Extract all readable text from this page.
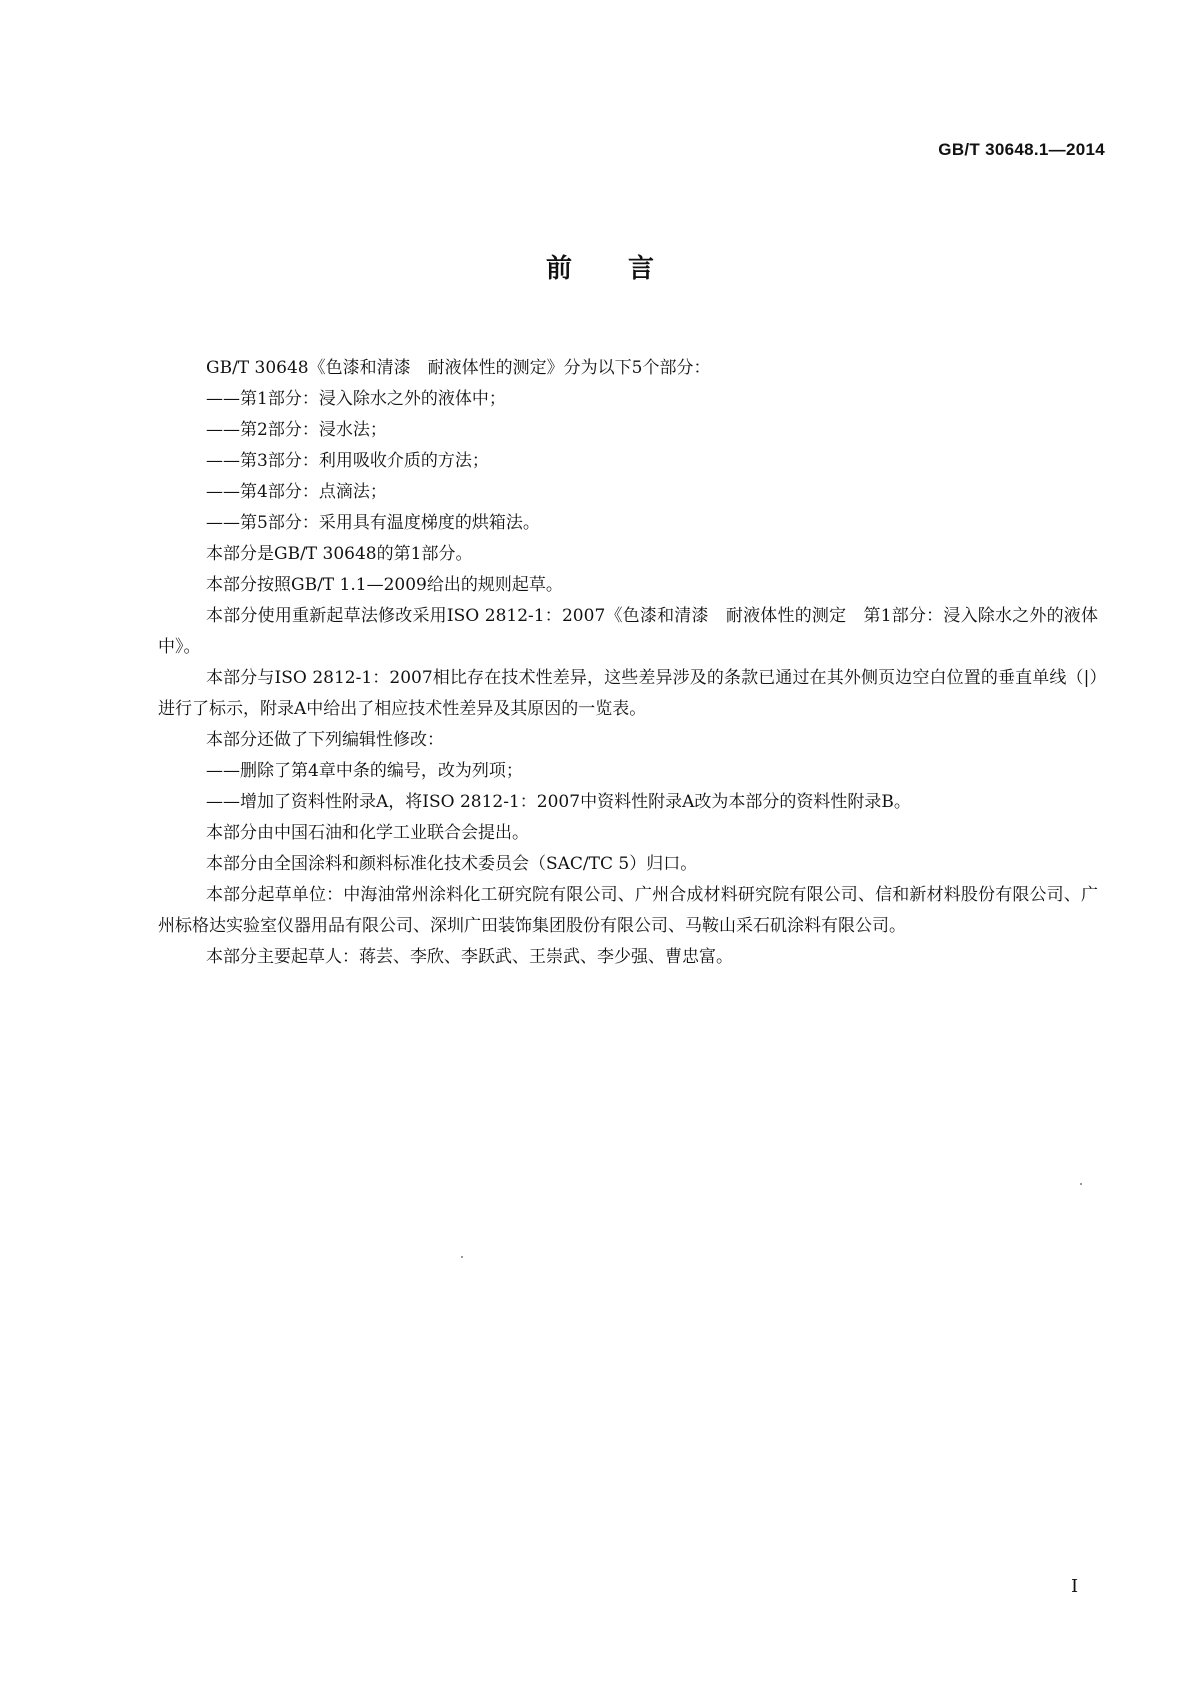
GB/T 30648.1—2014
前言

GB/T 30648《色漆和清漆　耐液体性的测定》分为以下5个部分：

——第1部分：浸入除水之外的液体中；

——第2部分：浸水法；

——第3部分：利用吸收介质的方法；

——第4部分：点滴法；

——第5部分：采用具有温度梯度的烘箱法。

本部分是GB/T 30648的第1部分。

本部分按照GB/T 1.1—2009给出的规则起草。

本部分使用重新起草法修改采用ISO 2812-1：2007《色漆和清漆　耐液体性的测定　第1部分：浸入除水之外的液体中》。

本部分与ISO 2812-1：2007相比存在技术性差异，这些差异涉及的条款已通过在其外侧页边空白位置的垂直单线（|）进行了标示，附录A中给出了相应技术性差异及其原因的一览表。

本部分还做了下列编辑性修改：

——删除了第4章中条的编号，改为列项；

——增加了资料性附录A，将ISO 2812-1：2007中资料性附录A改为本部分的资料性附录B。

本部分由中国石油和化学工业联合会提出。

本部分由全国涂料和颜料标准化技术委员会（SAC/TC 5）归口。

本部分起草单位：中海油常州涂料化工研究院有限公司、广州合成材料研究院有限公司、信和新材料股份有限公司、广州标格达实验室仪器用品有限公司、深圳广田装饰集团股份有限公司、马鞍山采石矶涂料有限公司。

本部分主要起草人：蒋芸、李欣、李跃武、王崇武、李少强、曹忠富。

I
